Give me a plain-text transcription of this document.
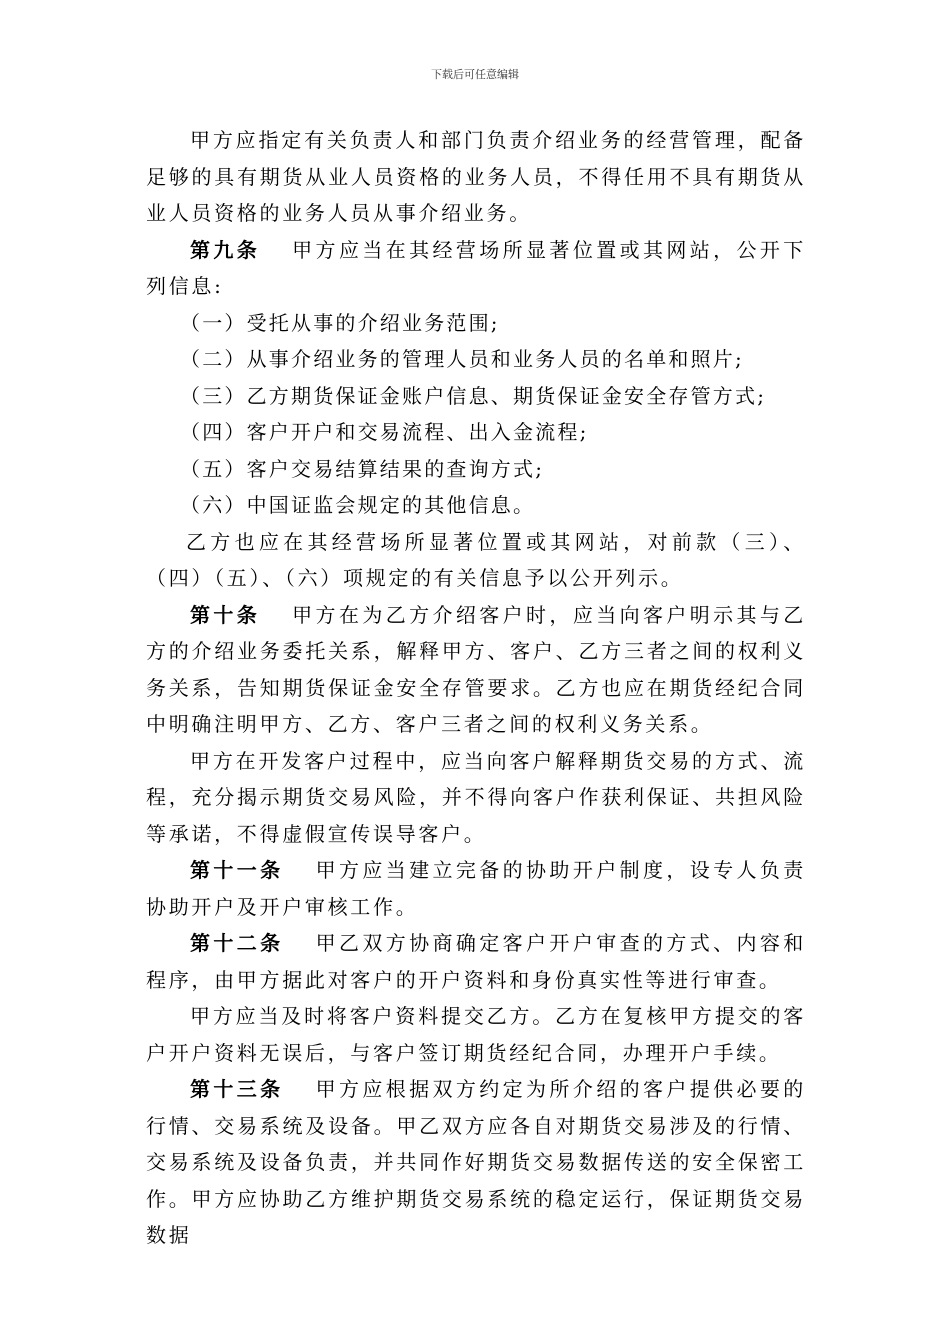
下载后可任意编辑

甲方应指定有关负责人和部门负责介绍业务的经营管理，配备足够的具有期货从业人员资格的业务人员，不得任用不具有期货从业人员资格的业务人员从事介绍业务。

第九条 甲方应当在其经营场所显著位置或其网站，公开下列信息:

（一）受托从事的介绍业务范围;

（二）从事介绍业务的管理人员和业务人员的名单和照片;

（三）乙方期货保证金账户信息、期货保证金安全存管方式;

（四）客户开户和交易流程、出入金流程;

（五）客户交易结算结果的查询方式;

（六）中国证监会规定的其他信息。

乙方也应在其经营场所显著位置或其网站，对前款（三）、（四）（五）、（六）项规定的有关信息予以公开列示。

第十条 甲方在为乙方介绍客户时，应当向客户明示其与乙方的介绍业务委托关系，解释甲方、客户、乙方三者之间的权利义务关系，告知期货保证金安全存管要求。乙方也应在期货经纪合同中明确注明甲方、乙方、客户三者之间的权利义务关系。

甲方在开发客户过程中，应当向客户解释期货交易的方式、流程，充分揭示期货交易风险，并不得向客户作获利保证、共担风险等承诺，不得虚假宣传误导客户。

第十一条 甲方应当建立完备的协助开户制度，设专人负责协助开户及开户审核工作。

第十二条 甲乙双方协商确定客户开户审查的方式、内容和程序，由甲方据此对客户的开户资料和身份真实性等进行审查。

甲方应当及时将客户资料提交乙方。乙方在复核甲方提交的客户开户资料无误后，与客户签订期货经纪合同，办理开户手续。

第十三条 甲方应根据双方约定为所介绍的客户提供必要的行情、交易系统及设备。甲乙双方应各自对期货交易涉及的行情、交易系统及设备负责，并共同作好期货交易数据传送的安全保密工作。甲方应协助乙方维护期货交易系统的稳定运行，保证期货交易数据
